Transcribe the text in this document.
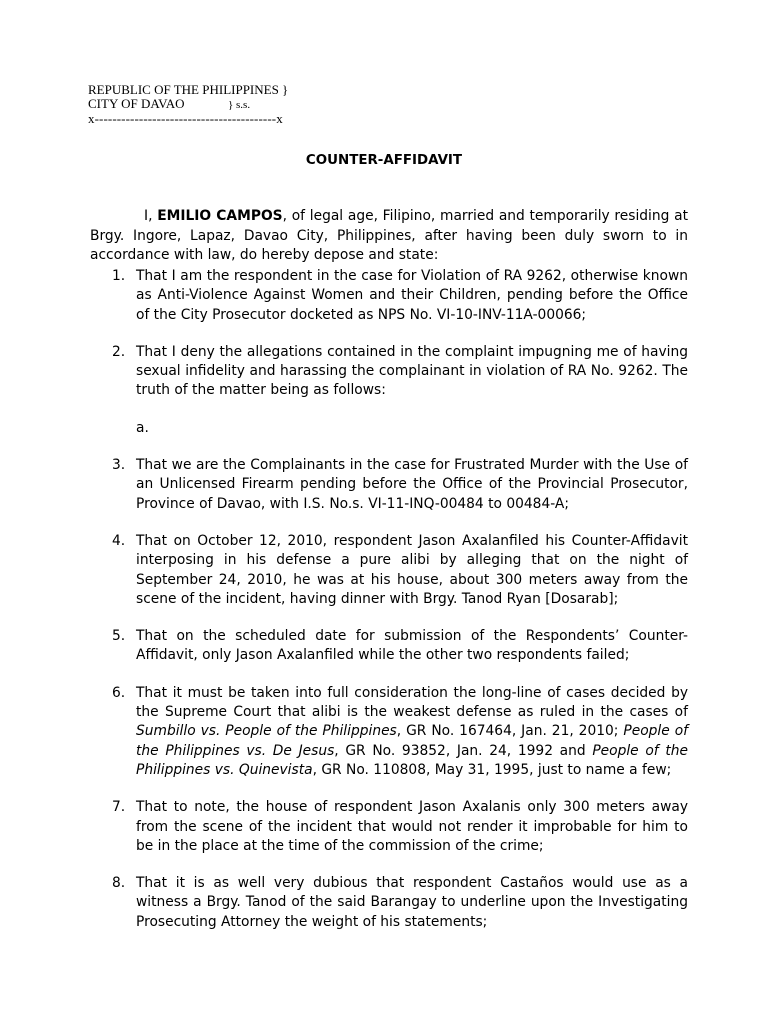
REPUBLIC OF THE PHILIPPINES }
CITY OF DAVAO	} s.s.
x-----------------------------------------x
COUNTER-AFFIDAVIT

I, EMILIO CAMPOS, of legal age, Filipino, married and temporarily residing at Brgy. Ingore, Lapaz, Davao City, Philippines, after having been duly sworn to in accordance with law, do hereby depose and state:

1. That I am the respondent in the case for Violation of RA 9262, otherwise known as Anti-Violence Against Women and their Children, pending before the Office of the City Prosecutor docketed as NPS No. VI-10-INV-11A-00066;
2. That I deny the allegations contained in the complaint impugning me of having sexual infidelity and harassing the complainant in violation of RA No. 9262. The truth of the matter being as follows:
a.

3. That we are the Complainants in the case for Frustrated Murder with the Use of an Unlicensed Firearm pending before the Office of the Provincial Prosecutor, Province of Davao, with I.S. No.s. VI-11-INQ-00484 to 00484-A;
4. That on October 12, 2010, respondent Jason Axalanfiled his Counter-Affidavit interposing in his defense a pure alibi by alleging that on the night of September 24, 2010, he was at his house, about 300 meters away from the scene of the incident, having dinner with Brgy. Tanod Ryan [Dosarab];
5. That on the scheduled date for submission of the Respondents’ Counter-Affidavit, only Jason Axalanfiled while the other two respondents failed;
6. That it must be taken into full consideration the long-line of cases decided by the Supreme Court that alibi is the weakest defense as ruled in the cases of Sumbillo vs. People of the Philippines, GR No. 167464, Jan. 21, 2010; People of the Philippines vs. De Jesus, GR No. 93852, Jan. 24, 1992 and People of the Philippines vs. Quinevista, GR No. 110808, May 31, 1995, just to name a few;
7. That to note, the house of respondent Jason Axalanis only 300 meters away from the scene of the incident that would not render it improbable for him to be in the place at the time of the commission of the crime;
8. That it is as well very dubious that respondent Castaños would use as a witness a Brgy. Tanod of the said Barangay to underline upon the Investigating Prosecuting Attorney the weight of his statements;
